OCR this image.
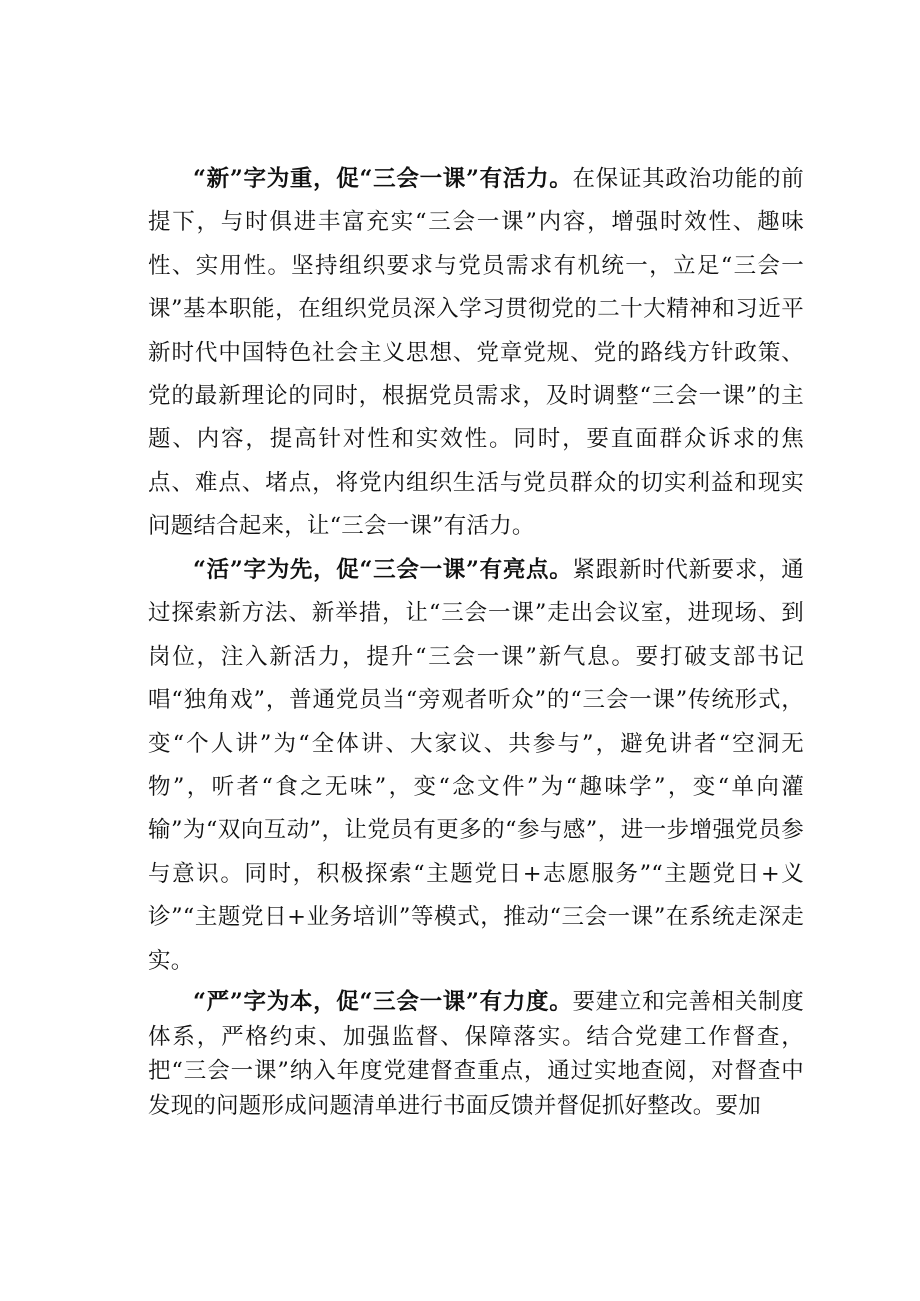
“新”字为重，促“三会一课”有活力。在保证其政治功能的前提下，与时俱进丰富充实“三会一课”内容，增强时效性、趣味性、实用性。坚持组织要求与党员需求有机统一，立足“三会一课”基本职能，在组织党员深入学习贯彻党的二十大精神和习近平新时代中国特色社会主义思想、党章党规、党的路线方针政策、党的最新理论的同时，根据党员需求，及时调整“三会一课”的主题、内容，提高针对性和实效性。同时，要直面群众诉求的焦点、难点、堵点，将党内组织生活与党员群众的切实利益和现实问题结合起来，让“三会一课”有活力。

“活”字为先，促“三会一课”有亮点。紧跟新时代新要求，通过探索新方法、新举措，让“三会一课”走出会议室，进现场、到岗位，注入新活力，提升“三会一课”新气息。要打破支部书记唱“独角戏”，普通党员当“旁观者听众”的“三会一课”传统形式，变“个人讲”为“全体讲、大家议、共参与”，避免讲者“空洞无物”，听者“食之无味”，变“念文件”为“趣味学”，变“单向灌输”为“双向互动”，让党员有更多的“参与感”，进一步增强党员参与意识。同时，积极探索“主题党日+志愿服务”“主题党日+义诊”“主题党日+业务培训”等模式，推动“三会一课”在系统走深走实。

“严”字为本，促“三会一课”有力度。要建立和完善相关制度体系，严格约束、加强监督、保障落实。结合党建工作督查，把“三会一课”纳入年度党建督查重点，通过实地查阅，对督查中发现的问题形成问题清单进行书面反馈并督促抓好整改。要加
